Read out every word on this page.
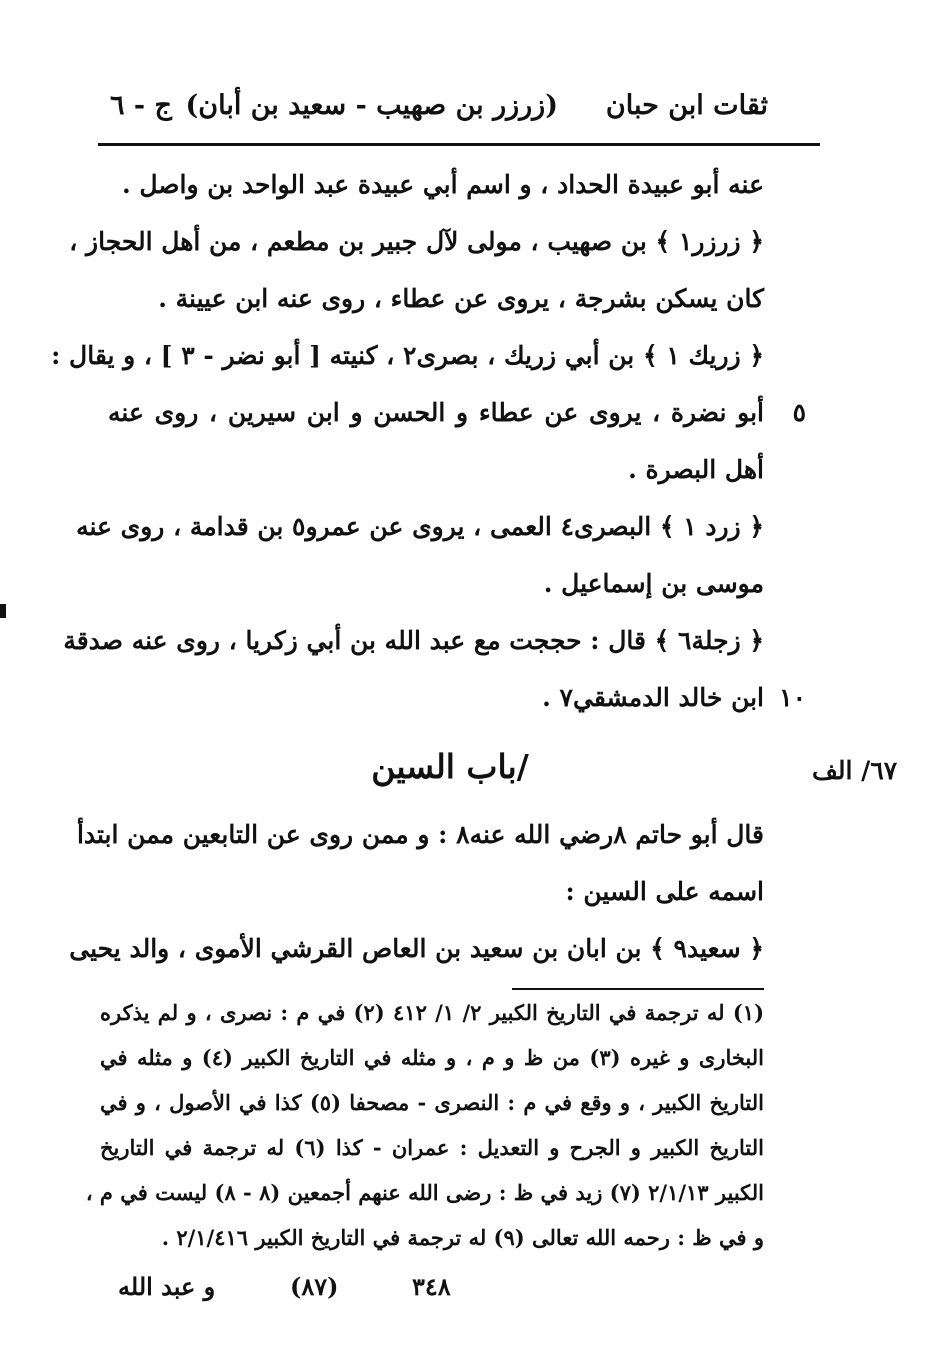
ثقات ابن حبان
(زرزر بن صهيب - سعيد بن أبان)
ج - ٦
عنه أبو عبيدة الحداد ، و اسم أبي عبيدة عبد الواحد بن واصل .
﴿ زرزر١ ﴾ بن صهيب ، مولى لآل جبير بن مطعم ، من أهل الحجاز ،
كان يسكن بشرجة ، يروى عن عطاء ، روى عنه ابن عيينة .
﴿ زريك ١ ﴾ بن أبي زريك ، بصرى٢ ، كنيته [ أبو نضر - ٣ ] ، و يقال :
أبو نضرة ، يروى عن عطاء و الحسن و ابن سيرين ، روى عنه ٥
أهل البصرة .
﴿ زرد ١ ﴾ البصرى٤ العمى ، يروى عن عمرو٥ بن قدامة ، روى عنه
موسى بن إسماعيل .
﴿ زجلة٦ ﴾ قال : حججت مع عبد الله بن أبي زكريا ، روى عنه صدقة
ابن خالد الدمشقي٧ . ١٠
/باب السين	٦٧/ الف
قال أبو حاتم ٨رضي الله عنه٨ : و ممن روى عن التابعين ممن ابتدأ
اسمه على السين :
﴿ سعيد٩ ﴾ بن ابان بن سعيد بن العاص القرشي الأموى ، والد يحيى
(١) له ترجمة في التاريخ الكبير ٢/ ١/ ٤١٢ (٢) في م : نصرى ، و لم يذكره
البخارى و غيره (٣) من ظ و م ، و مثله في التاريخ الكبير (٤) و مثله في
التاريخ الكبير ، و وقع في م : النصرى - مصحفا (٥) كذا في الأصول ، و في
التاريخ الكبير و الجرح و التعديل : عمران - كذا (٦) له ترجمة في التاريخ
الكبير ٢/١/١٣ (٧) زيد في ظ : رضى الله عنهم أجمعين (٨ - ٨) ليست في م ،
و في ظ : رحمه الله تعالى (٩) له ترجمة في التاريخ الكبير ٢/١/٤١٦ .
و عبد الله	(٨٧)	٣٤٨
